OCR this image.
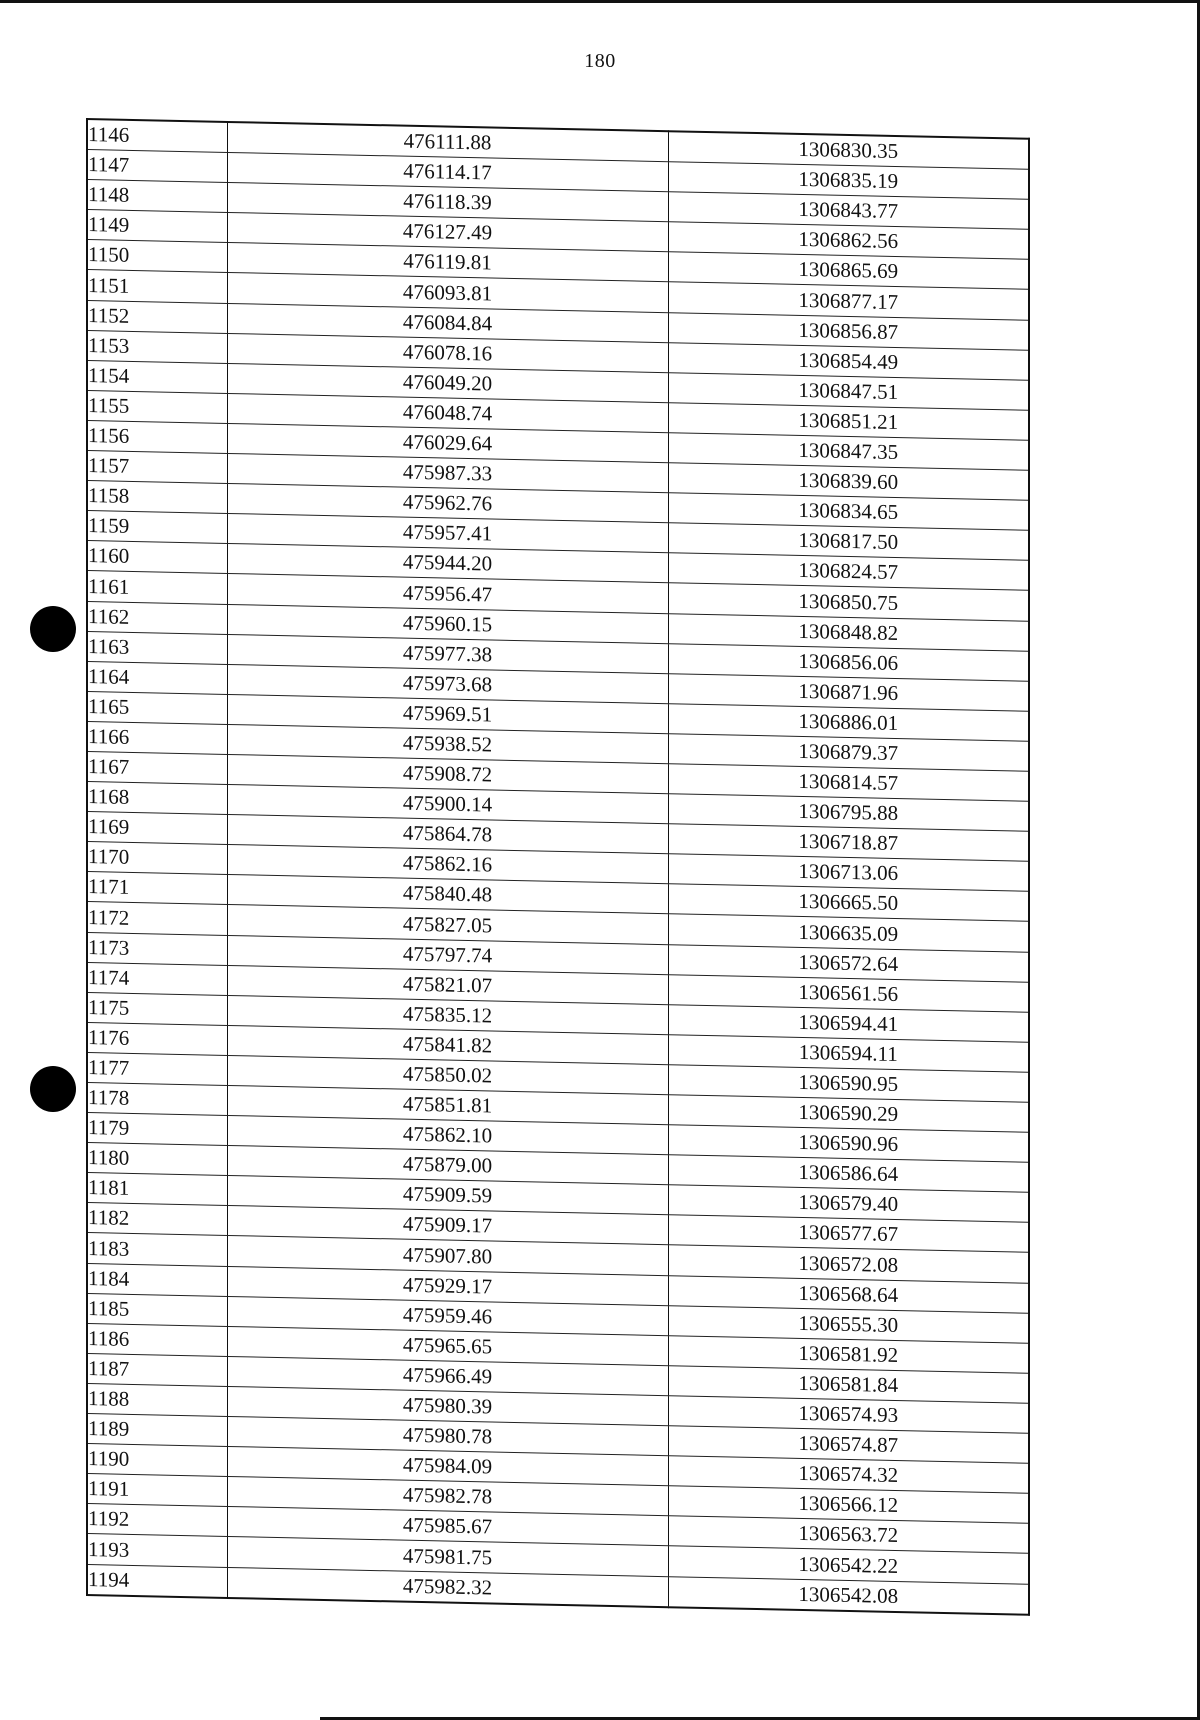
180
1146	476111.88	1306830.35
1147	476114.17	1306835.19
1148	476118.39	1306843.77
1149	476127.49	1306862.56
1150	476119.81	1306865.69
1151	476093.81	1306877.17
1152	476084.84	1306856.87
1153	476078.16	1306854.49
1154	476049.20	1306847.51
1155	476048.74	1306851.21
1156	476029.64	1306847.35
1157	475987.33	1306839.60
1158	475962.76	1306834.65
1159	475957.41	1306817.50
1160	475944.20	1306824.57
1161	475956.47	1306850.75
1162	475960.15	1306848.82
1163	475977.38	1306856.06
1164	475973.68	1306871.96
1165	475969.51	1306886.01
1166	475938.52	1306879.37
1167	475908.72	1306814.57
1168	475900.14	1306795.88
1169	475864.78	1306718.87
1170	475862.16	1306713.06
1171	475840.48	1306665.50
1172	475827.05	1306635.09
1173	475797.74	1306572.64
1174	475821.07	1306561.56
1175	475835.12	1306594.41
1176	475841.82	1306594.11
1177	475850.02	1306590.95
1178	475851.81	1306590.29
1179	475862.10	1306590.96
1180	475879.00	1306586.64
1181	475909.59	1306579.40
1182	475909.17	1306577.67
1183	475907.80	1306572.08
1184	475929.17	1306568.64
1185	475959.46	1306555.30
1186	475965.65	1306581.92
1187	475966.49	1306581.84
1188	475980.39	1306574.93
1189	475980.78	1306574.87
1190	475984.09	1306574.32
1191	475982.78	1306566.12
1192	475985.67	1306563.72
1193	475981.75	1306542.22
1194	475982.32	1306542.08
